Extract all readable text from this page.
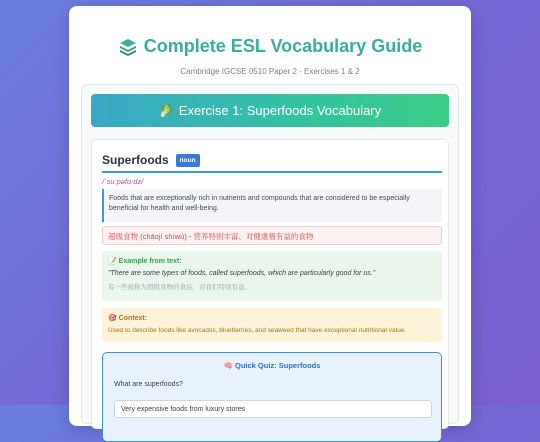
Complete ESL Vocabulary Guide
Cambridge IGCSE 0510 Paper 2 - Exercises 1 & 2
🥬 Exercise 1: Superfoods Vocabulary
Superfoods	noun
/ˈsuːpəfuːdz/
Foods that are exceptionally rich in nutrients and compounds that are considered to be especially beneficial for health and well-being.
超级食物 (chāojí shíwù) - 营养特别丰富、对健康极有益的食物
📝 Example from text:
"There are some types of foods, called superfoods, which are particularly good for us."
有一些被称为超级食物的食品，对我们特别有益。
🎯 Context:
Used to describe foods like avocados, blueberries, and seaweed that have exceptional nutritional value.
🧠 Quick Quiz: Superfoods
What are superfoods?
Very expensive foods from luxury stores
